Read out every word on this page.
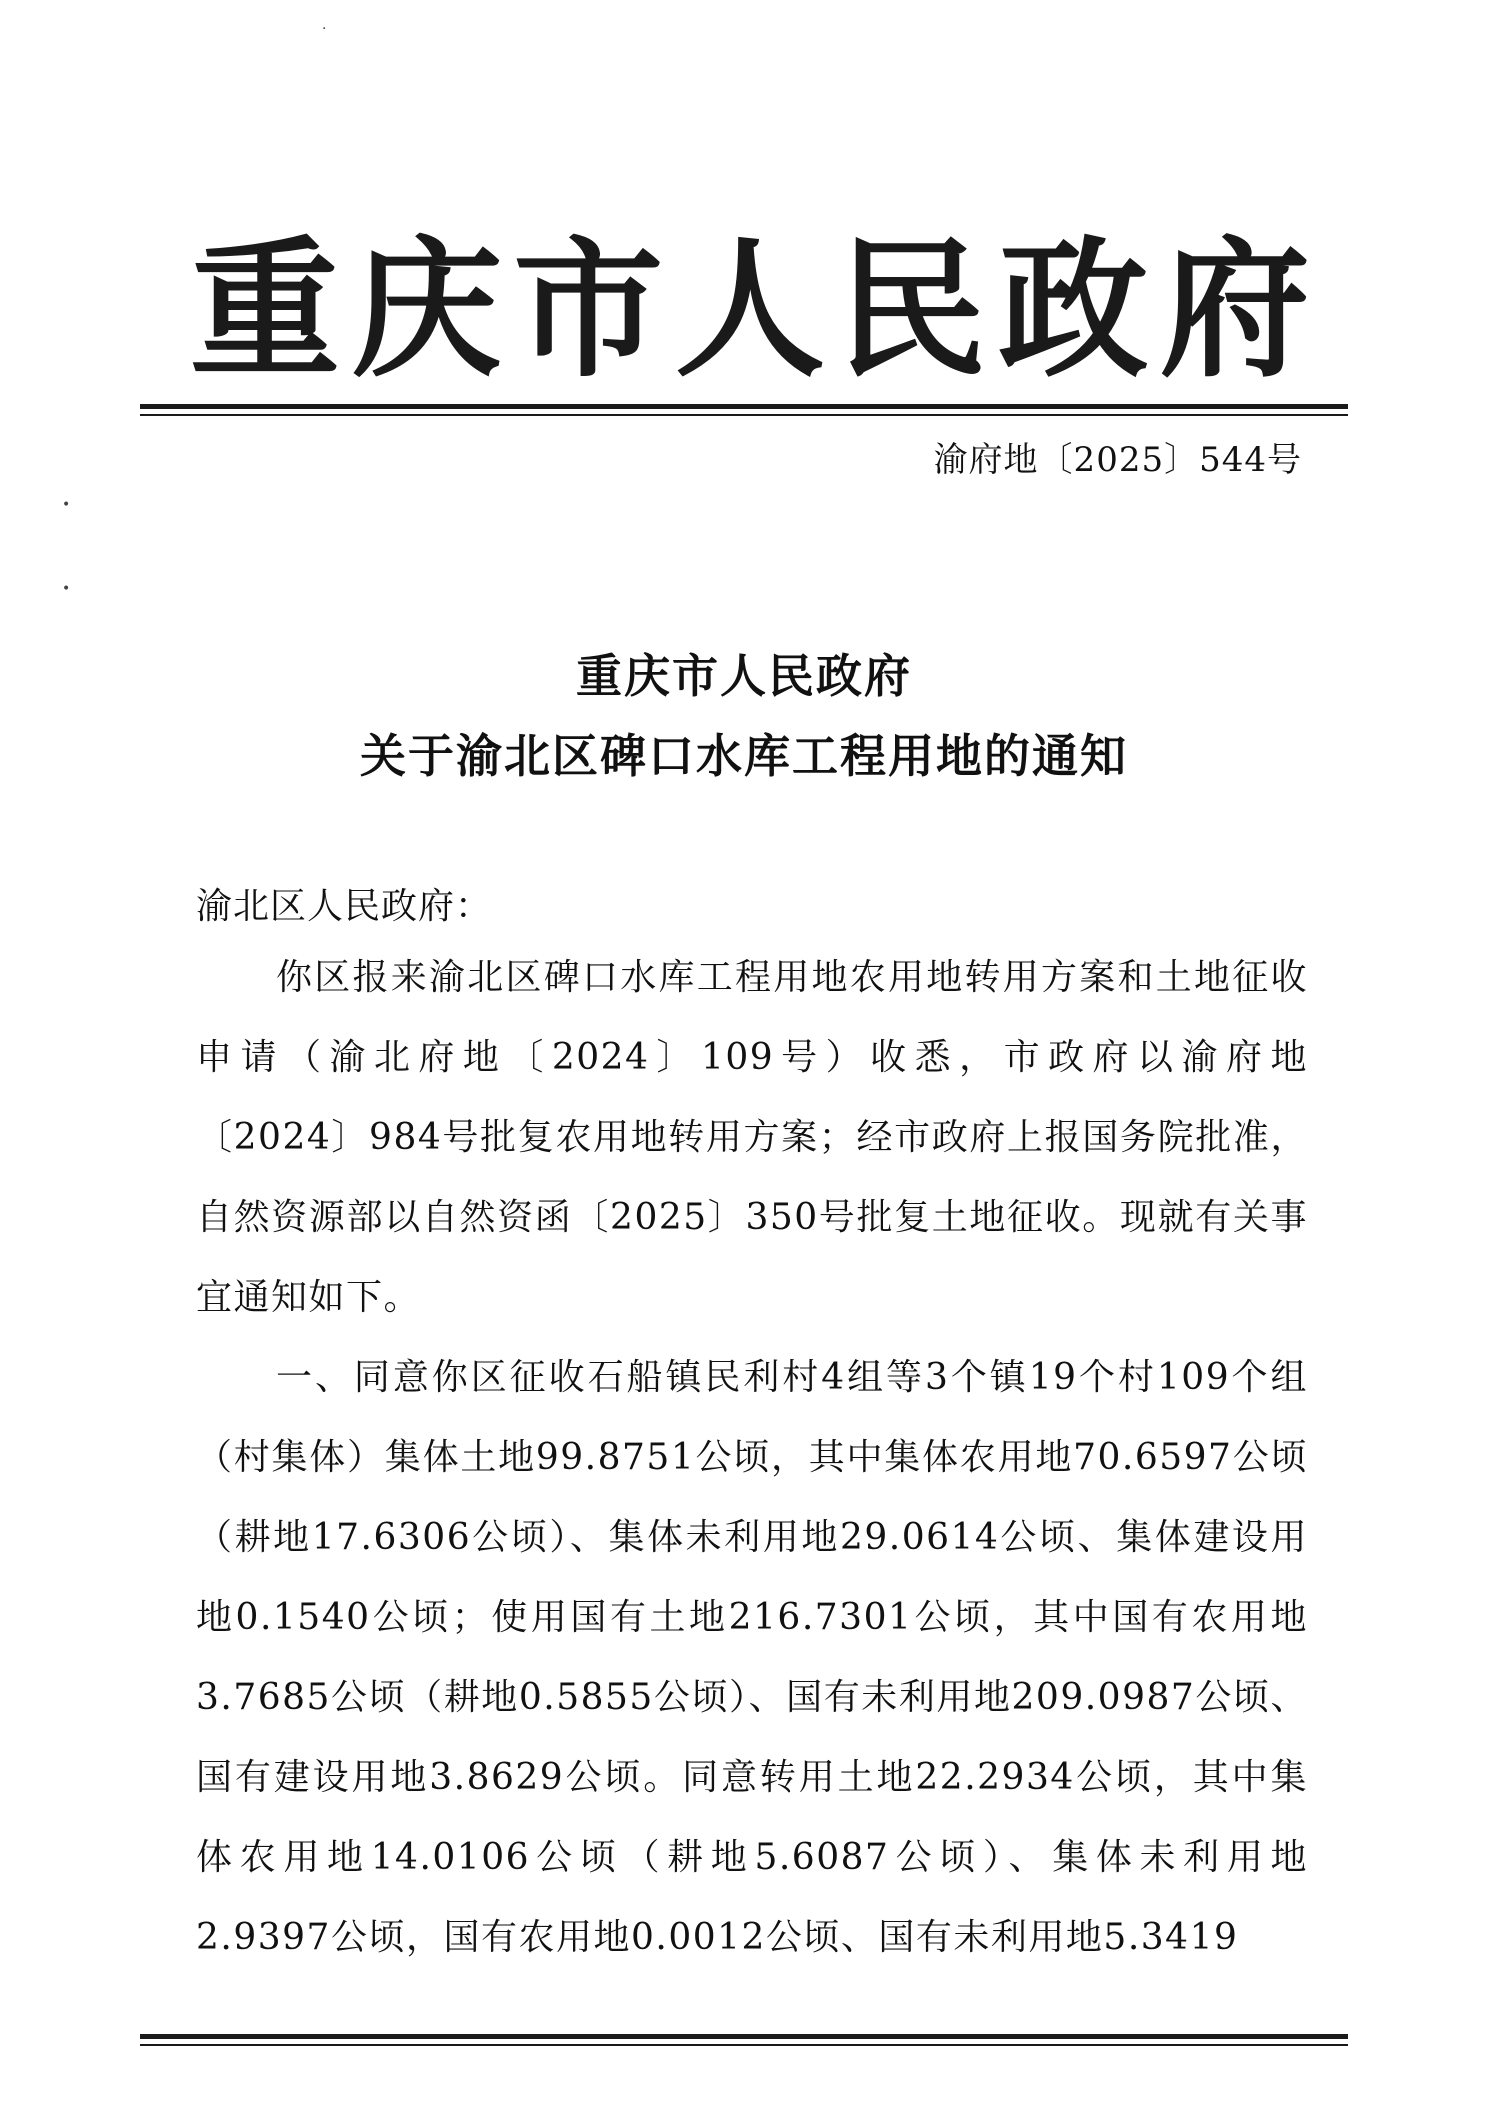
·
•
•
重 庆 市 人 民 政 府
渝府地〔2025〕544号
重庆市人民政府
关于渝北区碑口水库工程用地的通知
渝北区人民政府：

你区报来渝北区碑口水库工程用地农用地转用方案和土地征收申请（渝北府地〔2024〕109号）收悉，市政府以渝府地〔2024〕984号批复农用地转用方案；经市政府上报国务院批准，自然资源部以自然资函〔2025〕350号批复土地征收。现就有关事宜通知如下。

一、同意你区征收石船镇民利村4组等3个镇19个村109个组（村集体）集体土地99.8751公顷，其中集体农用地70.6597公顷（耕地17.6306公顷）、集体未利用地29.0614公顷、集体建设用地0.1540公顷；使用国有土地216.7301公顷，其中国有农用地3.7685公顷（耕地0.5855公顷）、国有未利用地209.0987公顷、国有建设用地3.8629公顷。同意转用土地22.2934公顷，其中集体农用地14.0106公顷（耕地5.6087公顷）、集体未利用地2.9397公顷，国有农用地0.0012公顷、国有未利用地5.3419
